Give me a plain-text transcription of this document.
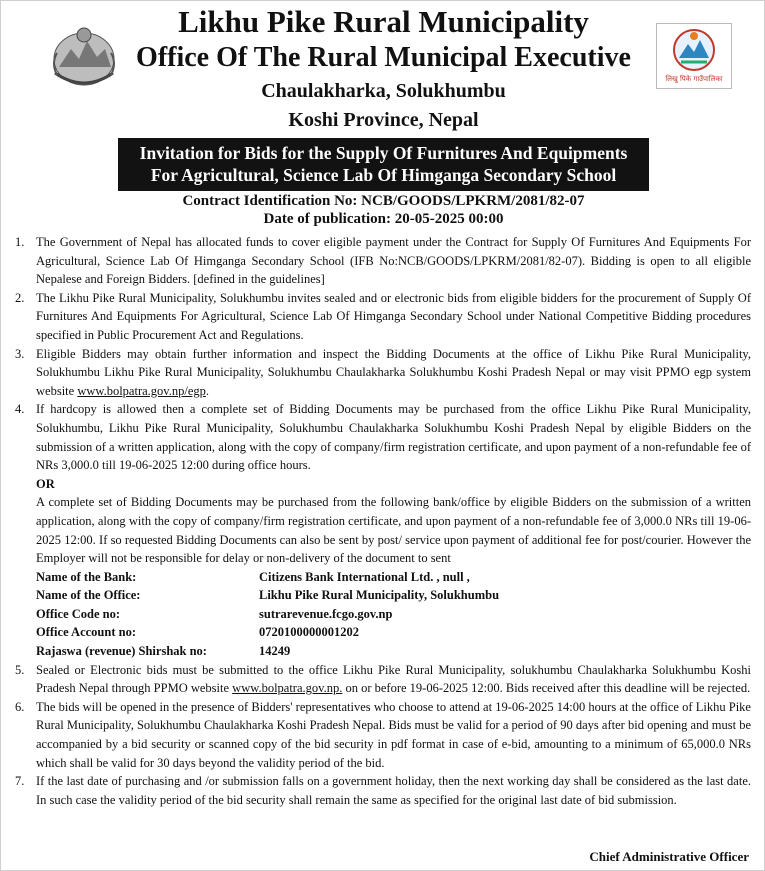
लिखु पिके गाउँपालिका
Likhu Pike Rural Municipality
Office Of The Rural Municipal Executive
Chaulakharka, Solukhumbu
Koshi Province, Nepal
Invitation for Bids for the Supply Of Furnitures And Equipments
For Agricultural, Science Lab Of Himganga Secondary School
Contract Identification No: NCB/GOODS/LPKRM/2081/82-07
Date of publication: 20-05-2025 00:00
1. The Government of Nepal has allocated funds to cover eligible payment under the Contract for Supply Of Furnitures And Equipments For Agricultural, Science Lab Of Himganga Secondary School (IFB No:NCB/GOODS/LPKRM/2081/82-07). Bidding is open to all eligible Nepalese and Foreign Bidders. [defined in the guidelines]
2. The Likhu Pike Rural Municipality, Solukhumbu invites sealed and or electronic bids from eligible bidders for the procurement of Supply Of Furnitures And Equipments For Agricultural, Science Lab Of Himganga Secondary School under National Competitive Bidding procedures specified in Public Procurement Act and Regulations.
3. Eligible Bidders may obtain further information and inspect the Bidding Documents at the office of Likhu Pike Rural Municipality, Solukhumbu Likhu Pike Rural Municipality, Solukhumbu Chaulakharka Solukhumbu Koshi Pradesh Nepal or may visit PPMO egp system website www.bolpatra.gov.np/egp.
4. If hardcopy is allowed then a complete set of Bidding Documents may be purchased from the office Likhu Pike Rural Municipality, Solukhumbu, Likhu Pike Rural Municipality, Solukhumbu Chaulakharka Solukhumbu Koshi Pradesh Nepal by eligible Bidders on the submission of a written application, along with the copy of company/firm registration certificate, and upon payment of a non-refundable fee of NRs 3,000.0 till 19-06-2025 12:00 during office hours.
OR
A complete set of Bidding Documents may be purchased from the following bank/office by eligible Bidders on the submission of a written application, along with the copy of company/firm registration certificate, and upon payment of a non-refundable fee of 3,000.0 NRs till 19-06-2025 12:00. If so requested Bidding Documents can also be sent by post/ service upon payment of additional fee for post/courier. However the Employer will not be responsible for delay or non-delivery of the document to sent
Name of the Bank:	Citizens Bank International Ltd. , null ,
Name of the Office:	Likhu Pike Rural Municipality, Solukhumbu
Office Code no:	sutrarevenue.fcgo.gov.np
Office Account no:	0720100000001202
Rajaswa (revenue) Shirshak no:	14249
5. Sealed or Electronic bids must be submitted to the office Likhu Pike Rural Municipality, solukhumbu Chaulakharka Solukhumbu Koshi Pradesh Nepal through PPMO website www.bolpatra.gov.np. on or before 19-06-2025 12:00. Bids received after this deadline will be rejected.
6. The bids will be opened in the presence of Bidders' representatives who choose to attend at 19-06-2025 14:00 hours at the office of Likhu Pike Rural Municipality, Solukhumbu Chaulakharka Koshi Pradesh Nepal. Bids must be valid for a period of 90 days after bid opening and must be accompanied by a bid security or scanned copy of the bid security in pdf format in case of e-bid, amounting to a minimum of 65,000.0 NRs which shall be valid for 30 days beyond the validity period of the bid.
7. If the last date of purchasing and /or submission falls on a government holiday, then the next working day shall be considered as the last date. In such case the validity period of the bid security shall remain the same as specified for the original last date of bid submission.
Chief Administrative Officer
